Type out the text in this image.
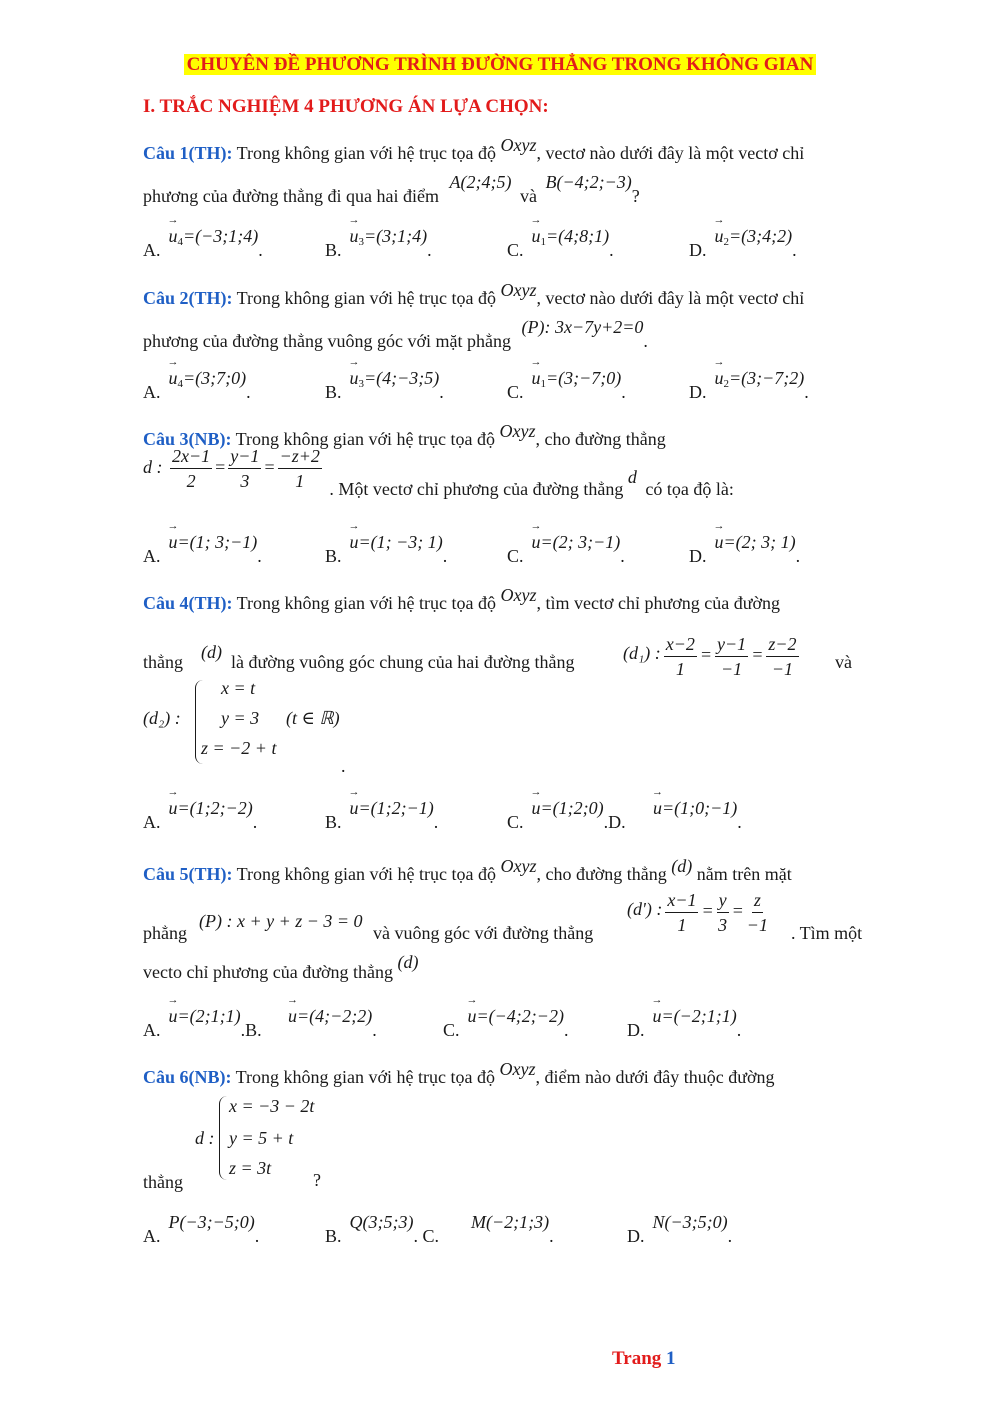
CHUYÊN ĐỀ PHƯƠNG TRÌNH ĐƯỜNG THẲNG TRONG KHÔNG GIAN
I. TRẮC NGHIỆM 4 PHƯƠNG ÁN LỰA CHỌN:
Câu 1(TH): Trong không gian với hệ trục tọa độ Oxyz, vectơ nào dưới đây là một vectơ chỉ
phương của đường thẳng đi qua hai điểm A(2;4;5) và B(−4;2;−3)?
$A.\to u_4=(-3;1;4)$.	$B.\to u_3=(3;1;4)$.	$C.\to u_1=(4;8;1)$.	$D.\to u_2=(3;4;2)$.
Câu 2(TH): Trong không gian với hệ trục tọa độ Oxyz, vectơ nào dưới đây là một vectơ chỉ
phương của đường thẳng vuông góc với mặt phẳng (P): 3x−7y+2=0.
$A.\to u_4=(3;7;0)$.	$B.\to u_3=(4;-3;5)$.	$C.\to u_1=(3;-7;0)$.	$D.\to u_2=(3;-7;2)$.
Câu 3(NB): Trong không gian với hệ trục tọa độ Oxyz, cho đường thẳng
d : $\frac{2x-1}{2} = \frac{y-1}{3} = \frac{-z+2}{1}$ . Một vectơ chỉ phương của đường thẳng d có tọa độ là:
A.→ u=(1; 3;−1).	B.→ u=(1; −3; 1).	C.→ u=(2; 3;−1).	D.→ u=(2; 3; 1).
Câu 4(TH): Trong không gian với hệ trục tọa độ Oxyz, tìm vectơ chỉ phương của đường
thẳng (d) là đường vuông góc chung của hai đường thẳng	(d₁) : $\frac{x-2}{1} = \frac{y-1}{-1} = \frac{z-2}{-1}$ và
(d₂) :
x = t
y = 3 (t ∈ ℝ)
z = −2 + t
.
A.→ u=(1;2;−2).	B.→ u=(1;2;−1).	C.→ u=(1;2;0).D.
→ u=(1;0;−1).
Câu 5(TH): Trong không gian với hệ trục tọa độ Oxyz, cho đường thẳng (d) nằm trên mặt
phẳng
(P) : x + y + z − 3 = 0
và vuông góc với đường thẳng
(d') : $\frac{x-1}{1} = \frac{y}{3} = \frac{z}{-1}$ . Tìm một
vecto chỉ phương của đường thẳng (d)
A.→ u=(2;1;1).B.
→ u=(4;−2;2).	C.→ u=(−4;2;−2).	D.→ u=(−2;1;1).
Câu 6(NB): Trong không gian với hệ trục tọa độ Oxyz, điểm nào dưới đây thuộc đường
d :
x = −3 − 2t
y = 5 + t
z = 3t
thẳng	?
A.P(−3;−5;0).	B.Q(3;5;3). C.
M(−2;1;3).	D.N(−3;5;0).
Trang 1
